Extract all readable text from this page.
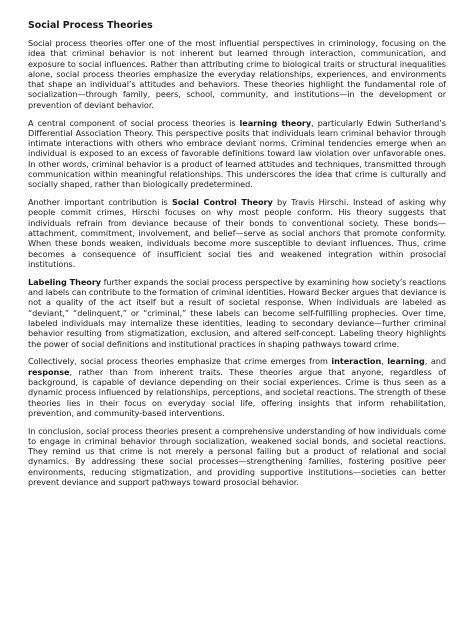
Social Process Theories

Social process theories offer one of the most influential perspectives in criminology, focusing on the idea that criminal behavior is not inherent but learned through interaction, communication, and exposure to social influences. Rather than attributing crime to biological traits or structural inequalities alone, social process theories emphasize the everyday relationships, experiences, and environments that shape an individual’s attitudes and behaviors. These theories highlight the fundamental role of socialization—through family, peers, school, community, and institutions—in the development or prevention of deviant behavior.

A central component of social process theories is learning theory, particularly Edwin Sutherland’s Differential Association Theory. This perspective posits that individuals learn criminal behavior through intimate interactions with others who embrace deviant norms. Criminal tendencies emerge when an individual is exposed to an excess of favorable definitions toward law violation over unfavorable ones. In other words, criminal behavior is a product of learned attitudes and techniques, transmitted through communication within meaningful relationships. This underscores the idea that crime is culturally and socially shaped, rather than biologically predetermined.

Another important contribution is Social Control Theory by Travis Hirschi. Instead of asking why people commit crimes, Hirschi focuses on why most people conform. His theory suggests that individuals refrain from deviance because of their bonds to conventional society. These bonds—attachment, commitment, involvement, and belief—serve as social anchors that promote conformity. When these bonds weaken, individuals become more susceptible to deviant influences. Thus, crime becomes a consequence of insufficient social ties and weakened integration within prosocial institutions.

Labeling Theory further expands the social process perspective by examining how society’s reactions and labels can contribute to the formation of criminal identities. Howard Becker argues that deviance is not a quality of the act itself but a result of societal response. When individuals are labeled as “deviant,” “delinquent,” or “criminal,” these labels can become self-fulfilling prophecies. Over time, labeled individuals may internalize these identities, leading to secondary deviance—further criminal behavior resulting from stigmatization, exclusion, and altered self-concept. Labeling theory highlights the power of social definitions and institutional practices in shaping pathways toward crime.

Collectively, social process theories emphasize that crime emerges from interaction, learning, and response, rather than from inherent traits. These theories argue that anyone, regardless of background, is capable of deviance depending on their social experiences. Crime is thus seen as a dynamic process influenced by relationships, perceptions, and societal reactions. The strength of these theories lies in their focus on everyday social life, offering insights that inform rehabilitation, prevention, and community-based interventions.

In conclusion, social process theories present a comprehensive understanding of how individuals come to engage in criminal behavior through socialization, weakened social bonds, and societal reactions. They remind us that crime is not merely a personal failing but a product of relational and social dynamics. By addressing these social processes—strengthening families, fostering positive peer environments, reducing stigmatization, and providing supportive institutions—societies can better prevent deviance and support pathways toward prosocial behavior.
